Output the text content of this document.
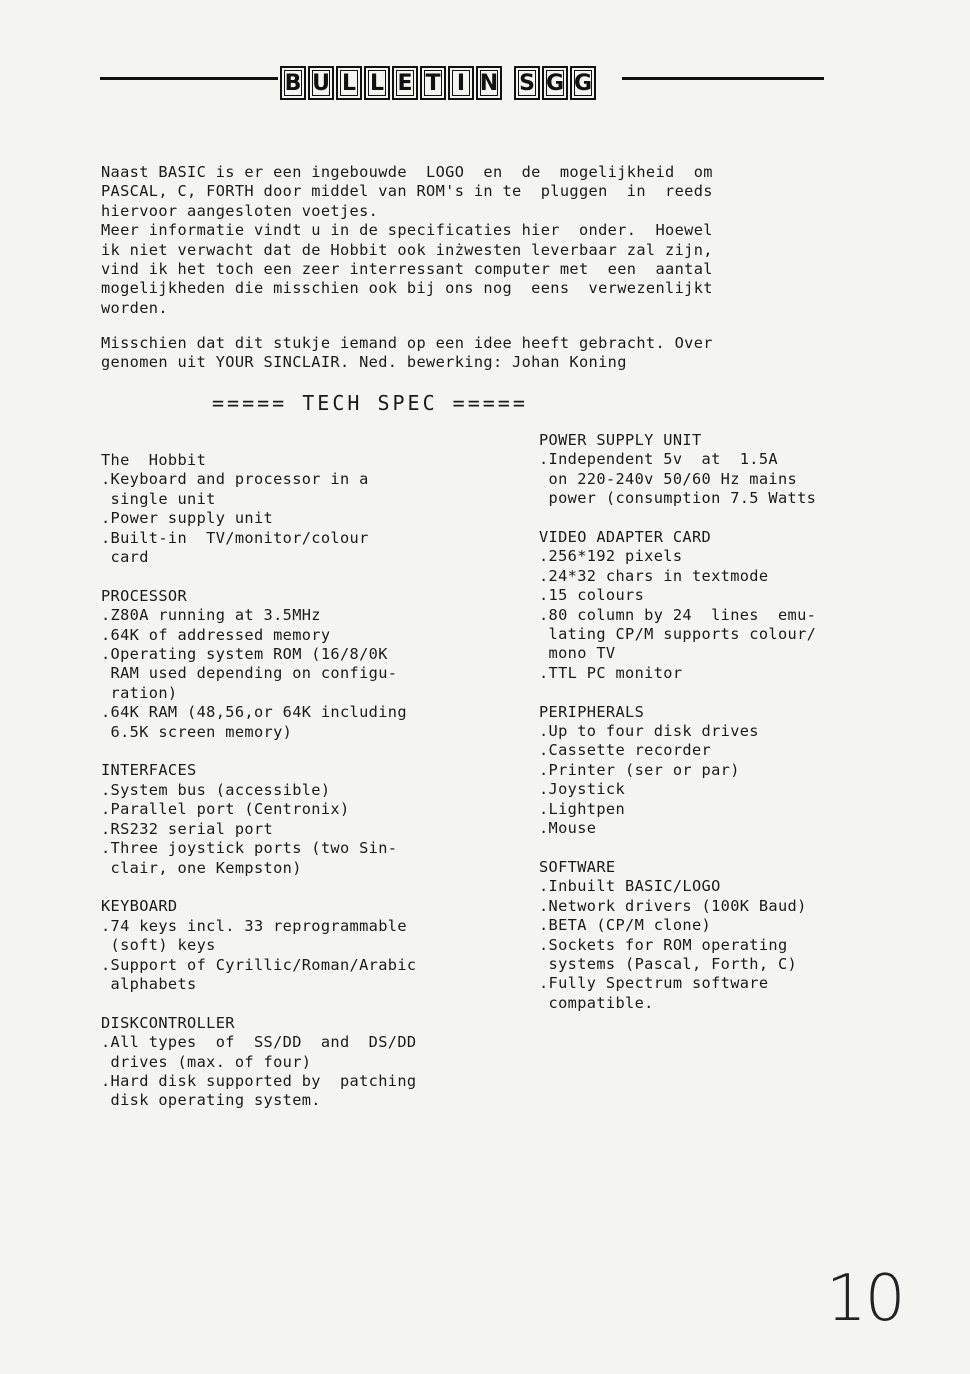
B U L L E T I N S G G
Naast BASIC is er een ingebouwde  LOGO  en  de  mogelijkheid  om
PASCAL, C, FORTH door middel van ROM's in te  pluggen  in  reeds
hiervoor aangesloten voetjes.
Meer informatie vindt u in de specificaties hier  onder.  Hoewel
ik niet verwacht dat de Hobbit ook inżwesten leverbaar zal zijn,
vind ik het toch een zeer interressant computer met  een  aantal
mogelijkheden die misschien ook bij ons nog  eens  verwezenlijkt
worden.
Misschien dat dit stukje iemand op een idee heeft gebracht. Over
genomen uit YOUR SINCLAIR. Ned. bewerking: Johan Koning
===== TECH SPEC =====
The  Hobbit
.Keyboard and processor in a
single unit
.Power supply unit
.Built-in  TV/monitor/colour
card
PROCESSOR
.Z80A running at 3.5MHz
.64K of addressed memory
.Operating system ROM (16/8/0K
RAM used depending on configu-
ration)
.64K RAM (48,56,or 64K including
6.5K screen memory)
INTERFACES
.System bus (accessible)
.Parallel port (Centronix)
.RS232 serial port
.Three joystick ports (two Sin-
clair, one Kempston)
KEYBOARD
.74 keys incl. 33 reprogrammable
(soft) keys
.Support of Cyrillic/Roman/Arabic
alphabets
DISKCONTROLLER
.All types  of  SS/DD  and  DS/DD
drives (max. of four)
.Hard disk supported by  patching
disk operating system.
POWER SUPPLY UNIT
.Independent 5v  at  1.5A
on 220-240v 50/60 Hz mains
power (consumption 7.5 Watts
VIDEO ADAPTER CARD
.256*192 pixels
.24*32 chars in textmode
.15 colours
.80 column by 24  lines  emu-
lating CP/M supports colour/
mono TV
.TTL PC monitor
PERIPHERALS
.Up to four disk drives
.Cassette recorder
.Printer (ser or par)
.Joystick
.Lightpen
.Mouse
SOFTWARE
.Inbuilt BASIC/LOGO
.Network drivers (100K Baud)
.BETA (CP/M clone)
.Sockets for ROM operating
systems (Pascal, Forth, C)
.Fully Spectrum software
compatible.
10
